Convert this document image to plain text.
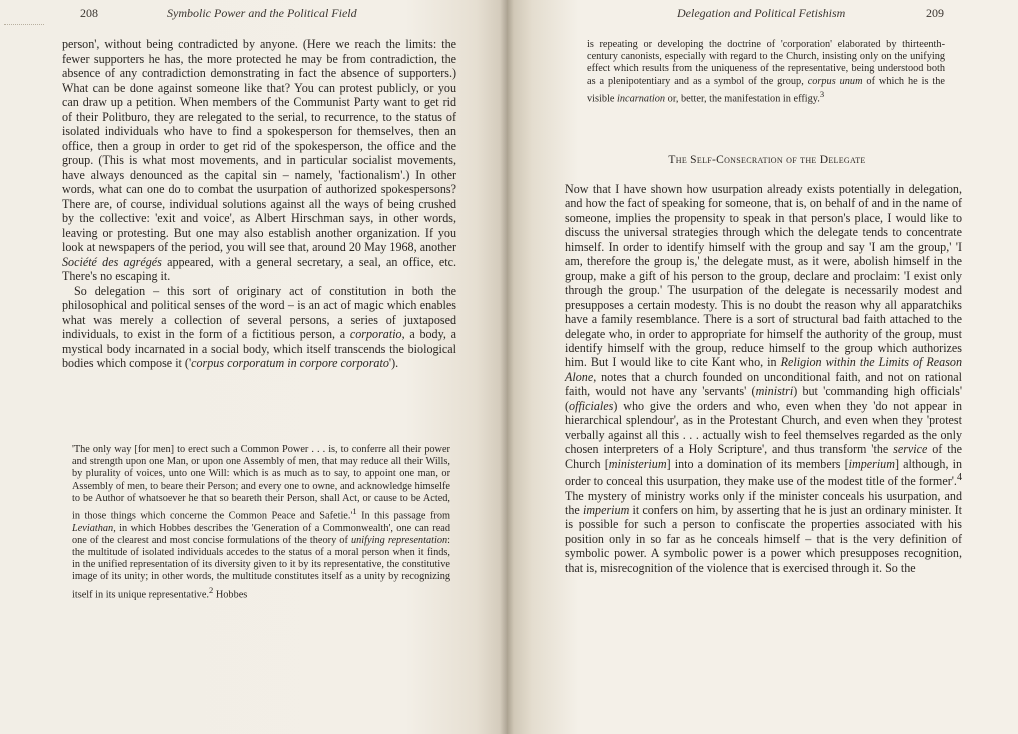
208	Symbolic Power and the Political Field

person', without being contradicted by anyone. (Here we reach the limits: the fewer supporters he has, the more protected he may be from contradiction, the absence of any contradiction demonstrating in fact the absence of supporters.) What can be done against someone like that? You can protest publicly, or you can draw up a petition. When members of the Communist Party want to get rid of their Politburo, they are relegated to the serial, to recurrence, to the status of isolated individuals who have to find a spokesperson for themselves, then an office, then a group in order to get rid of the spokesperson, the office and the group. (This is what most movements, and in particular socialist movements, have always denounced as the capital sin – namely, 'factionalism'.) In other words, what can one do to combat the usurpation of authorized spokespersons? There are, of course, individual solutions against all the ways of being crushed by the collective: 'exit and voice', as Albert Hirschman says, in other words, leaving or protesting. But one may also establish another organization. If you look at newspapers of the period, you will see that, around 20 May 1968, another Société des agrégés appeared, with a general secretary, a seal, an office, etc. There's no escaping it.

So delegation – this sort of originary act of constitution in both the philosophical and political senses of the word – is an act of magic which enables what was merely a collection of several persons, a series of juxtaposed individuals, to exist in the form of a fictitious person, a corporatio, a body, a mystical body incarnated in a social body, which itself transcends the biological bodies which compose it ('corpus corporatum in corpore corporato').

'The only way [for men] to erect such a Common Power . . . is, to conferre all their power and strength upon one Man, or upon one Assembly of men, that may reduce all their Wills, by plurality of voices, unto one Will: which is as much as to say, to appoint one man, or Assembly of men, to beare their Person; and every one to owne, and acknowledge himselfe to be Author of whatsoever he that so beareth their Person, shall Act, or cause to be Acted, in those things which concerne the Common Peace and $Safetie.'^1$ In this passage from Leviathan, in which Hobbes describes the 'Generation of a Commonwealth', one can read one of the clearest and most concise formulations of the theory of unifying representation: the multitude of isolated individuals accedes to the status of a moral person when it finds, in the unified representation of its diversity given to it by its representative, the constitutive image of its unity; in other words, the multitude constitutes itself as a unity by recognizing itself in its unique representative.$^2$ Hobbes

Delegation and Political Fetishism	209

is repeating or developing the doctrine of 'corporation' elaborated by thirteenth-century canonists, especially with regard to the Church, insisting only on the unifying effect which results from the uniqueness of the representative, being understood both as a plenipotentiary and as a symbol of the group, corpus unum of which he is the visible incarnation or, better, the manifestation in effigy.$^3$

The Self-Consecration of the Delegate

Now that I have shown how usurpation already exists potentially in delegation, and how the fact of speaking for someone, that is, on behalf of and in the name of someone, implies the propensity to speak in that person's place, I would like to discuss the universal strategies through which the delegate tends to concentrate himself. In order to identify himself with the group and say 'I am the group,' 'I am, therefore the group is,' the delegate must, as it were, abolish himself in the group, make a gift of his person to the group, declare and proclaim: 'I exist only through the group.' The usurpation of the delegate is necessarily modest and presupposes a certain modesty. This is no doubt the reason why all apparatchiks have a family resemblance. There is a sort of structural bad faith attached to the delegate who, in order to appropriate for himself the authority of the group, must identify himself with the group, reduce himself to the group which authorizes him. But I would like to cite Kant who, in Religion within the Limits of Reason Alone, notes that a church founded on unconditional faith, and not on rational faith, would not have any 'servants' (ministri) but 'commanding high officials' (officiales) who give the orders and who, even when they 'do not appear in hierarchical splendour', as in the Protestant Church, and even when they 'protest verbally against all this . . . actually wish to feel themselves regarded as the only chosen interpreters of a Holy Scripture', and thus transform 'the service of the Church [ministerium] into a domination of its members [imperium] although, in order to conceal this usurpation, they make use of the modest title of the former'.$^4$ The mystery of ministry works only if the minister conceals his usurpation, and the imperium it confers on him, by asserting that he is just an ordinary minister. It is possible for such a person to confiscate the properties associated with his position only in so far as he conceals himself – that is the very definition of symbolic power. A symbolic power is a power which presupposes recognition, that is, misrecognition of the violence that is exercised through it. So the
